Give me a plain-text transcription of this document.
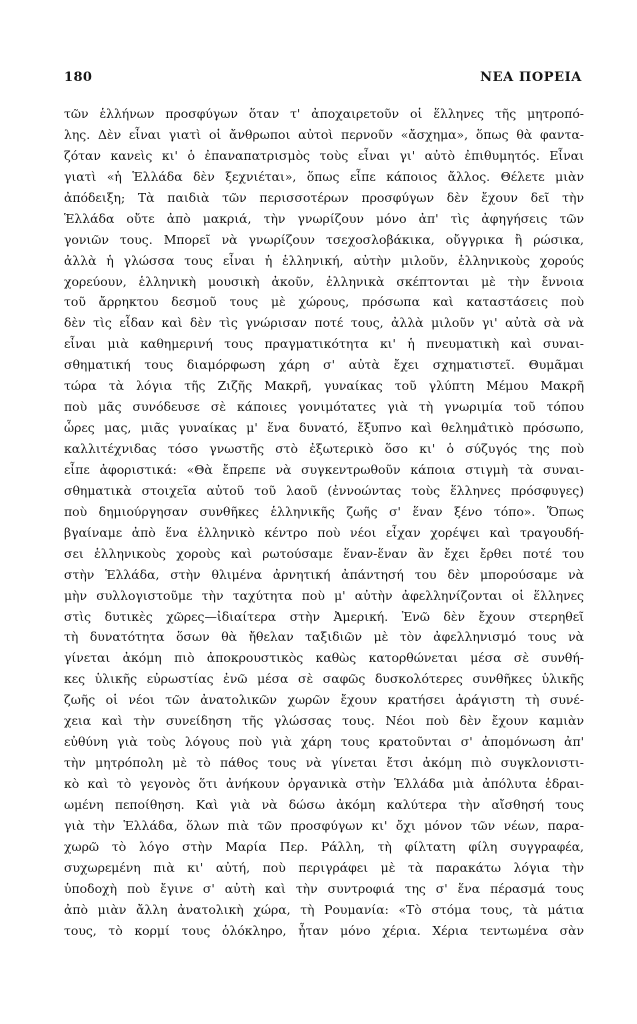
180	ΝΕΑ ΠΟΡΕΙΑ
τῶν ἑλλήνων προσφύγων ὅταν τ' ἀποχαιρετοῦν οἱ ἕλληνες τῆς μητροπό-
λης. Δὲν εἶναι γιατὶ οἱ ἄνθρωποι αὐτοὶ περνοῦν «ἄσχημα», ὅπως θὰ φαντα-
ζόταν κανεὶς κι' ὁ ἐπαναπατρισμὸς τοὺς εἶναι γι' αὐτὸ ἐπιθυμητός. Εἶναι
γιατὶ «ἡ Ἑλλάδα δὲν ξεχνιέται», ὅπως εἶπε κάποιος ἄλλος. Θέλετε μιὰν
ἀπόδειξη; Τὰ παιδιὰ τῶν περισσοτέρων προσφύγων δὲν ἔχουν δεῖ τὴν
Ἑλλάδα οὔτε ἀπὸ μακριά, τὴν γνωρίζουν μόνο ἀπ' τὶς ἀφηγήσεις τῶν
γονιῶν τους. Μπορεῖ νὰ γνωρίζουν τσεχοσλοβάκικα, οὔγγρικα ἢ ρώσικα,
ἀλλὰ ἡ γλώσσα τους εἶναι ἡ ἑλληνική, αὐτὴν μιλοῦν, ἑλληνικοὺς χορούς
χορεύουν, ἑλληνικὴ μουσικὴ ἀκοῦν, ἑλληνικὰ σκέπτονται μὲ τὴν ἔννοια
τοῦ ἄρρηκτου δεσμοῦ τους μὲ χώρους, πρόσωπα καὶ καταστάσεις ποὺ
δὲν τὶς εἶδαν καὶ δὲν τὶς γνώρισαν ποτέ τους, ἀλλὰ μιλοῦν γι' αὐτὰ σὰ νὰ
εἶναι μιὰ καθημερινή τους πραγματικότητα κι' ἡ πνευματικὴ καὶ συναι-
σθηματική τους διαμόρφωση χάρη σ' αὐτὰ ἔχει σχηματιστεῖ. Θυμᾶμαι
τώρα τὰ λόγια τῆς Ζιζῆς Μακρῆ, γυναίκας τοῦ γλύπτη Μέμου Μακρῆ
ποὺ μᾶς συνόδευσε σὲ κάποιες γονιμότατες γιὰ τὴ γνωριμία τοῦ τόπου
ὧρες μας, μιᾶς γυναίκας μ' ἕνα δυνατό, ἔξυπνο καὶ θελημα̂τικὸ πρόσωπο,
καλλιτέχνιδας τόσο γνωστῆς στὸ ἐξωτερικὸ ὅσο κι' ὁ σύζυγός της ποὺ
εἶπε ἀφοριστικά: «Θὰ ἔπρεπε νὰ συγκεντρωθοῦν κάποια στιγμὴ τὰ συναι-
σθηματικὰ στοιχεῖα αὐτοῦ τοῦ λαοῦ (ἐννοώντας τοὺς ἕλληνες πρόσφυγες)
ποὺ δημιούργησαν συνθῆκες ἑλληνικῆς ζωῆς σ' ἕναν ξένο τόπο». Ὅπως
βγαίναμε ἀπὸ ἕνα ἑλληνικὸ κέντρο ποὺ νέοι εἶχαν χορέψει καὶ τραγουδή-
σει ἑλληνικοὺς χοροὺς καὶ ρωτούσαμε ἕναν-ἕναν ἂν ἔχει ἔρθει ποτέ του
στὴν Ἑλλάδα, στὴν θλιμένα ἀρνητική ἀπάντησή του δὲν μπορούσαμε νὰ
μὴν συλλογιστοῦμε τὴν ταχύτητα ποὺ μ' αὐτὴν ἀφελληνίζονται οἱ ἕλληνες
στὶς δυτικὲς χῶρες—ἰδιαίτερα στὴν Ἀμερική. Ἐνῶ δὲν ἔχουν στερηθεῖ
τὴ δυνατότητα ὅσων θὰ ἤθελαν ταξιδιῶν μὲ τὸν ἀφελληνισμό τους νὰ
γίνεται ἀκόμη πιὸ ἀποκρουστικὸς καθὼς κατορθώνεται μέσα σὲ συνθή-
κες ὑλικῆς εὐρωστίας ἐνῶ μέσα σὲ σαφῶς δυσκολότερες συνθῆκες ὑλικῆς
ζωῆς οἱ νέοι τῶν ἀνατολικῶν χωρῶν ἔχουν κρατήσει ἀράγιστη τὴ συνέ-
χεια καὶ τὴν συνείδηση τῆς γλώσσας τους. Νέοι ποὺ δὲν ἔχουν καμιὰν
εὐθύνη γιὰ τοὺς λόγους ποὺ γιὰ χάρη τους κρατοῦνται σ' ἀπομόνωση ἀπ'
τὴν μητρόπολη μὲ τὸ πάθος τους νὰ γίνεται ἔτσι ἀκόμη πιὸ συγκλονιστι-
κὸ καὶ τὸ γεγονὸς ὅτι ἀνήκουν ὀργανικὰ στὴν Ἑλλάδα μιὰ ἀπόλυτα ἑδραι-
ωμένη πεποίθηση. Καὶ γιὰ νὰ δώσω ἀκόμη καλύτερα τὴν αἴσθησή τους
γιὰ τὴν Ἑλλάδα, ὅλων πιὰ τῶν προσφύγων κι' ὄχι μόνον τῶν νέων, παρα-
χωρῶ τὸ λόγο στὴν Μαρία Περ. Ράλλη, τὴ φίλτατη φίλη συγγραφέα,
συχωρεμένη πιὰ κι' αὐτή, ποὺ περιγράφει μὲ τὰ παρακάτω λόγια τὴν
ὑποδοχὴ ποὺ ἔγινε σ' αὐτὴ καὶ τὴν συντροφιά της σ' ἕνα πέρασμά τους
ἀπὸ μιὰν ἄλλη ἀνατολικὴ χώρα, τὴ Ρουμανία: «Τὸ στόμα τους, τὰ μάτια
τους, τὸ κορμί τους ὁλόκληρο, ἦταν μόνο χέρια. Χέρια τεντωμένα σὰν
